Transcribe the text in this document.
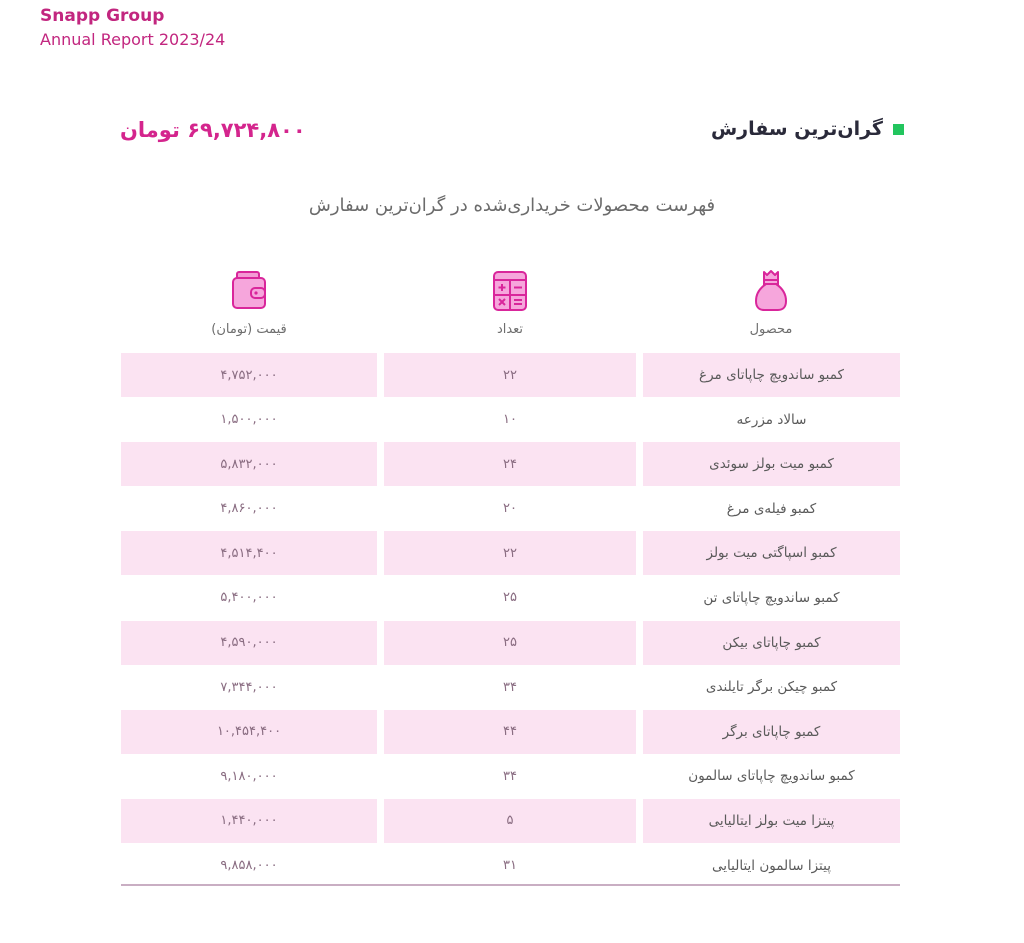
Snapp Group
Annual Report 2023/24
۶۹,۷۲۴,۸۰۰ تومان	گران‌ترین سفارش
فهرست محصولات خریداری‌شده در گران‌ترین سفارش
قیمت (تومان)	تعداد	محصول
۴,۷۵۲,۰۰۰	۲۲	کمبو ساندویچ چاپاتای مرغ
۱,۵۰۰,۰۰۰	۱۰	سالاد مزرعه
۵,۸۳۲,۰۰۰	۲۴	کمبو میت بولز سوئدی
۴,۸۶۰,۰۰۰	۲۰	کمبو فیله‌ی مرغ
۴,۵۱۴,۴۰۰	۲۲	کمبو اسپاگتی میت بولز
۵,۴۰۰,۰۰۰	۲۵	کمبو ساندویچ چاپاتای تن
۴,۵۹۰,۰۰۰	۲۵	کمبو چاپاتای بیکن
۷,۳۴۴,۰۰۰	۳۴	کمبو چیکن برگر تایلندی
۱۰,۴۵۴,۴۰۰	۴۴	کمبو چاپاتای برگر
۹,۱۸۰,۰۰۰	۳۴	کمبو ساندویچ چاپاتای سالمون
۱,۴۴۰,۰۰۰	۵	پیتزا میت بولز ایتالیایی
۹,۸۵۸,۰۰۰	۳۱	پیتزا سالمون ایتالیایی
